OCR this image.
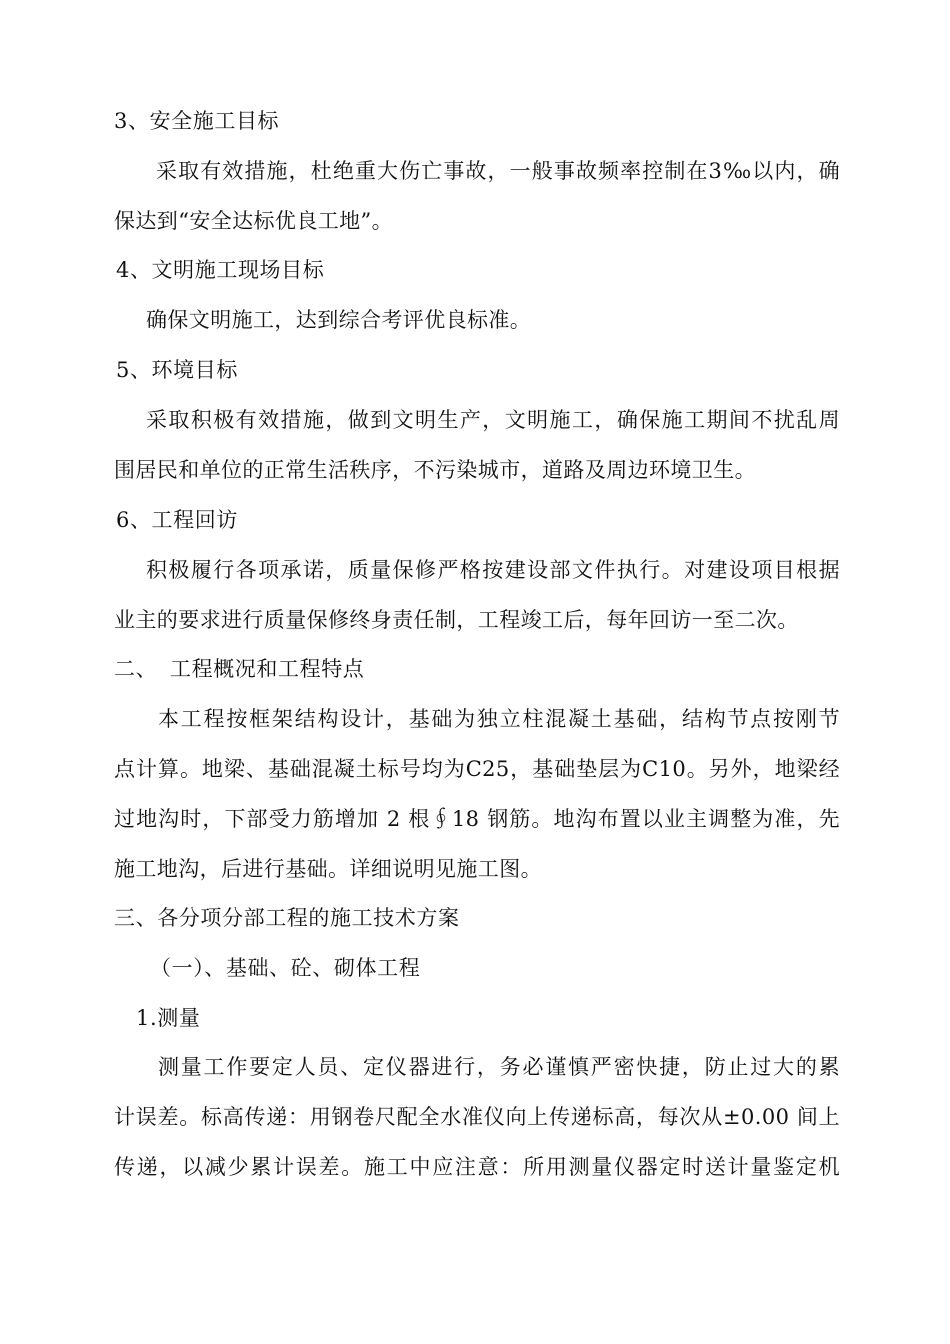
3、安全施工目标
采取有效措施，杜绝重大伤亡事故，一般事故频率控制在3‰以内，确
保达到“安全达标优良工地”。
4、文明施工现场目标
确保文明施工，达到综合考评优良标准。
5、环境目标
采取积极有效措施，做到文明生产，文明施工，确保施工期间不扰乱周
围居民和单位的正常生活秩序，不污染城市，道路及周边环境卫生。
6、工程回访
积极履行各项承诺，质量保修严格按建设部文件执行。对建设项目根据
业主的要求进行质量保修终身责任制，工程竣工后，每年回访一至二次。
二、 工程概况和工程特点
本工程按框架结构设计，基础为独立柱混凝土基础，结构节点按刚节
点计算。地梁、基础混凝土标号均为C25，基础垫层为C10。另外，地梁经
过地沟时，下部受力筋增加 2 根∮18 钢筋。地沟布置以业主调整为准，先
施工地沟，后进行基础。详细说明见施工图。
三、各分项分部工程的施工技术方案
（一）、基础、砼、砌体工程
1.测量
测量工作要定人员、定仪器进行，务必谨慎严密快捷，防止过大的累
计误差。标高传递：用钢卷尺配全水准仪向上传递标高，每次从±0.00 间上
传递，以减少累计误差。施工中应注意：所用测量仪器定时送计量鉴定机
